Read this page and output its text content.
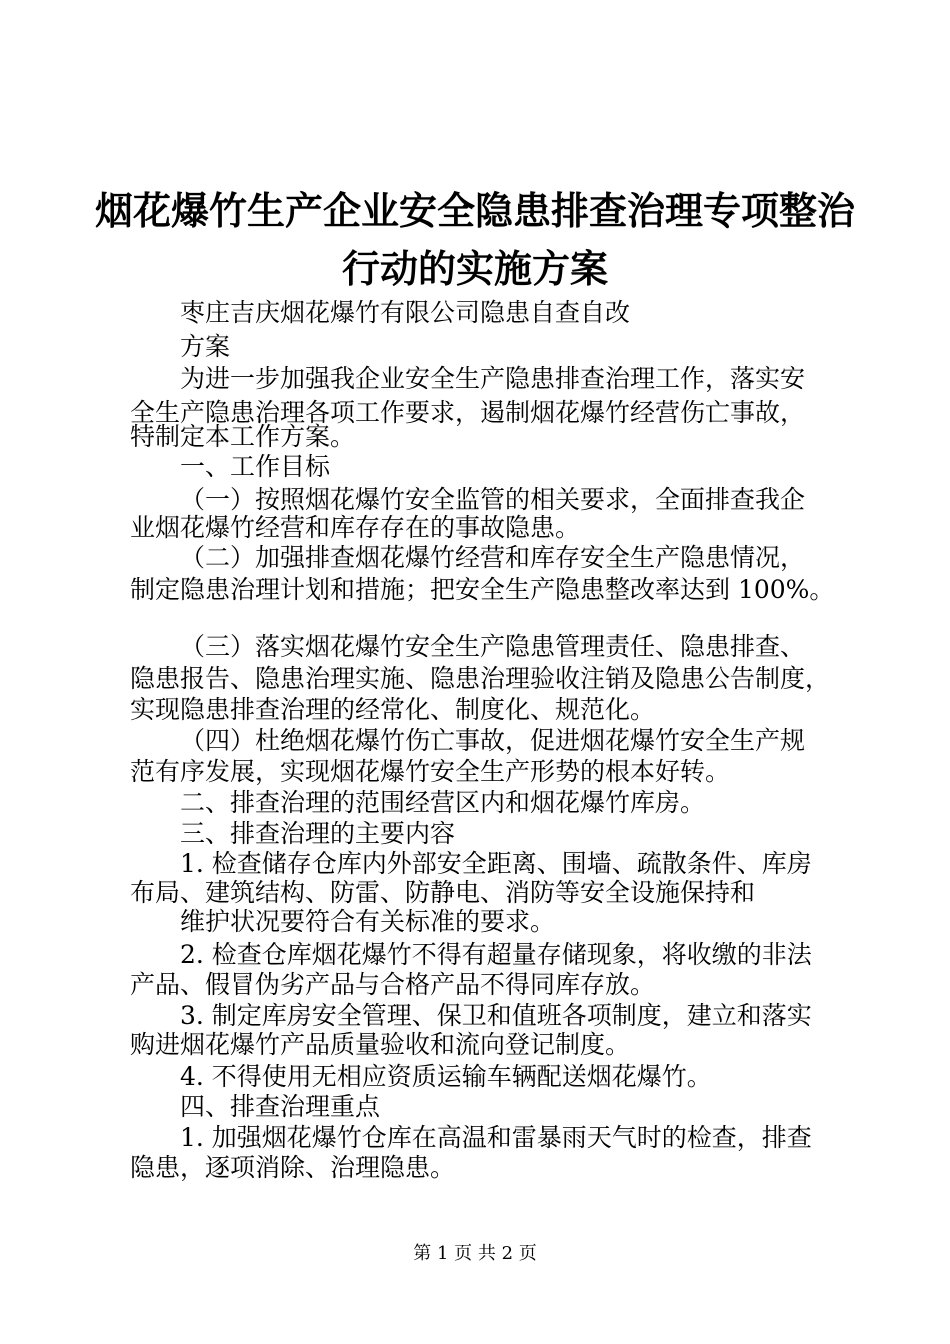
烟花爆竹生产企业安全隐患排查治理专项整治
行动的实施方案
枣庄吉庆烟花爆竹有限公司隐患自查自改
方案
为进一步加强我企业安全生产隐患排查治理工作，落实安
全生产隐患治理各项工作要求，遏制烟花爆竹经营伤亡事故，
特制定本工作方案。
一、工作目标
（一）按照烟花爆竹安全监管的相关要求，全面排查我企
业烟花爆竹经营和库存存在的事故隐患。
（二）加强排查烟花爆竹经营和库存安全生产隐患情况，
制定隐患治理计划和措施；把安全生产隐患整改率达到 100%。
（三）落实烟花爆竹安全生产隐患管理责任、隐患排查、
隐患报告、隐患治理实施、隐患治理验收注销及隐患公告制度，
实现隐患排查治理的经常化、制度化、规范化。
（四）杜绝烟花爆竹伤亡事故，促进烟花爆竹安全生产规
范有序发展，实现烟花爆竹安全生产形势的根本好转。
二、排查治理的范围经营区内和烟花爆竹库房。
三、排查治理的主要内容
1. 检查储存仓库内外部安全距离、围墙、疏散条件、库房
布局、建筑结构、防雷、防静电、消防等安全设施保持和
维护状况要符合有关标准的要求。
2. 检查仓库烟花爆竹不得有超量存储现象，将收缴的非法
产品、假冒伪劣产品与合格产品不得同库存放。
3. 制定库房安全管理、保卫和值班各项制度，建立和落实
购进烟花爆竹产品质量验收和流向登记制度。
4. 不得使用无相应资质运输车辆配送烟花爆竹。
四、排查治理重点
1. 加强烟花爆竹仓库在高温和雷暴雨天气时的检查，排查
隐患，逐项消除、治理隐患。
第 1 页 共 2 页
